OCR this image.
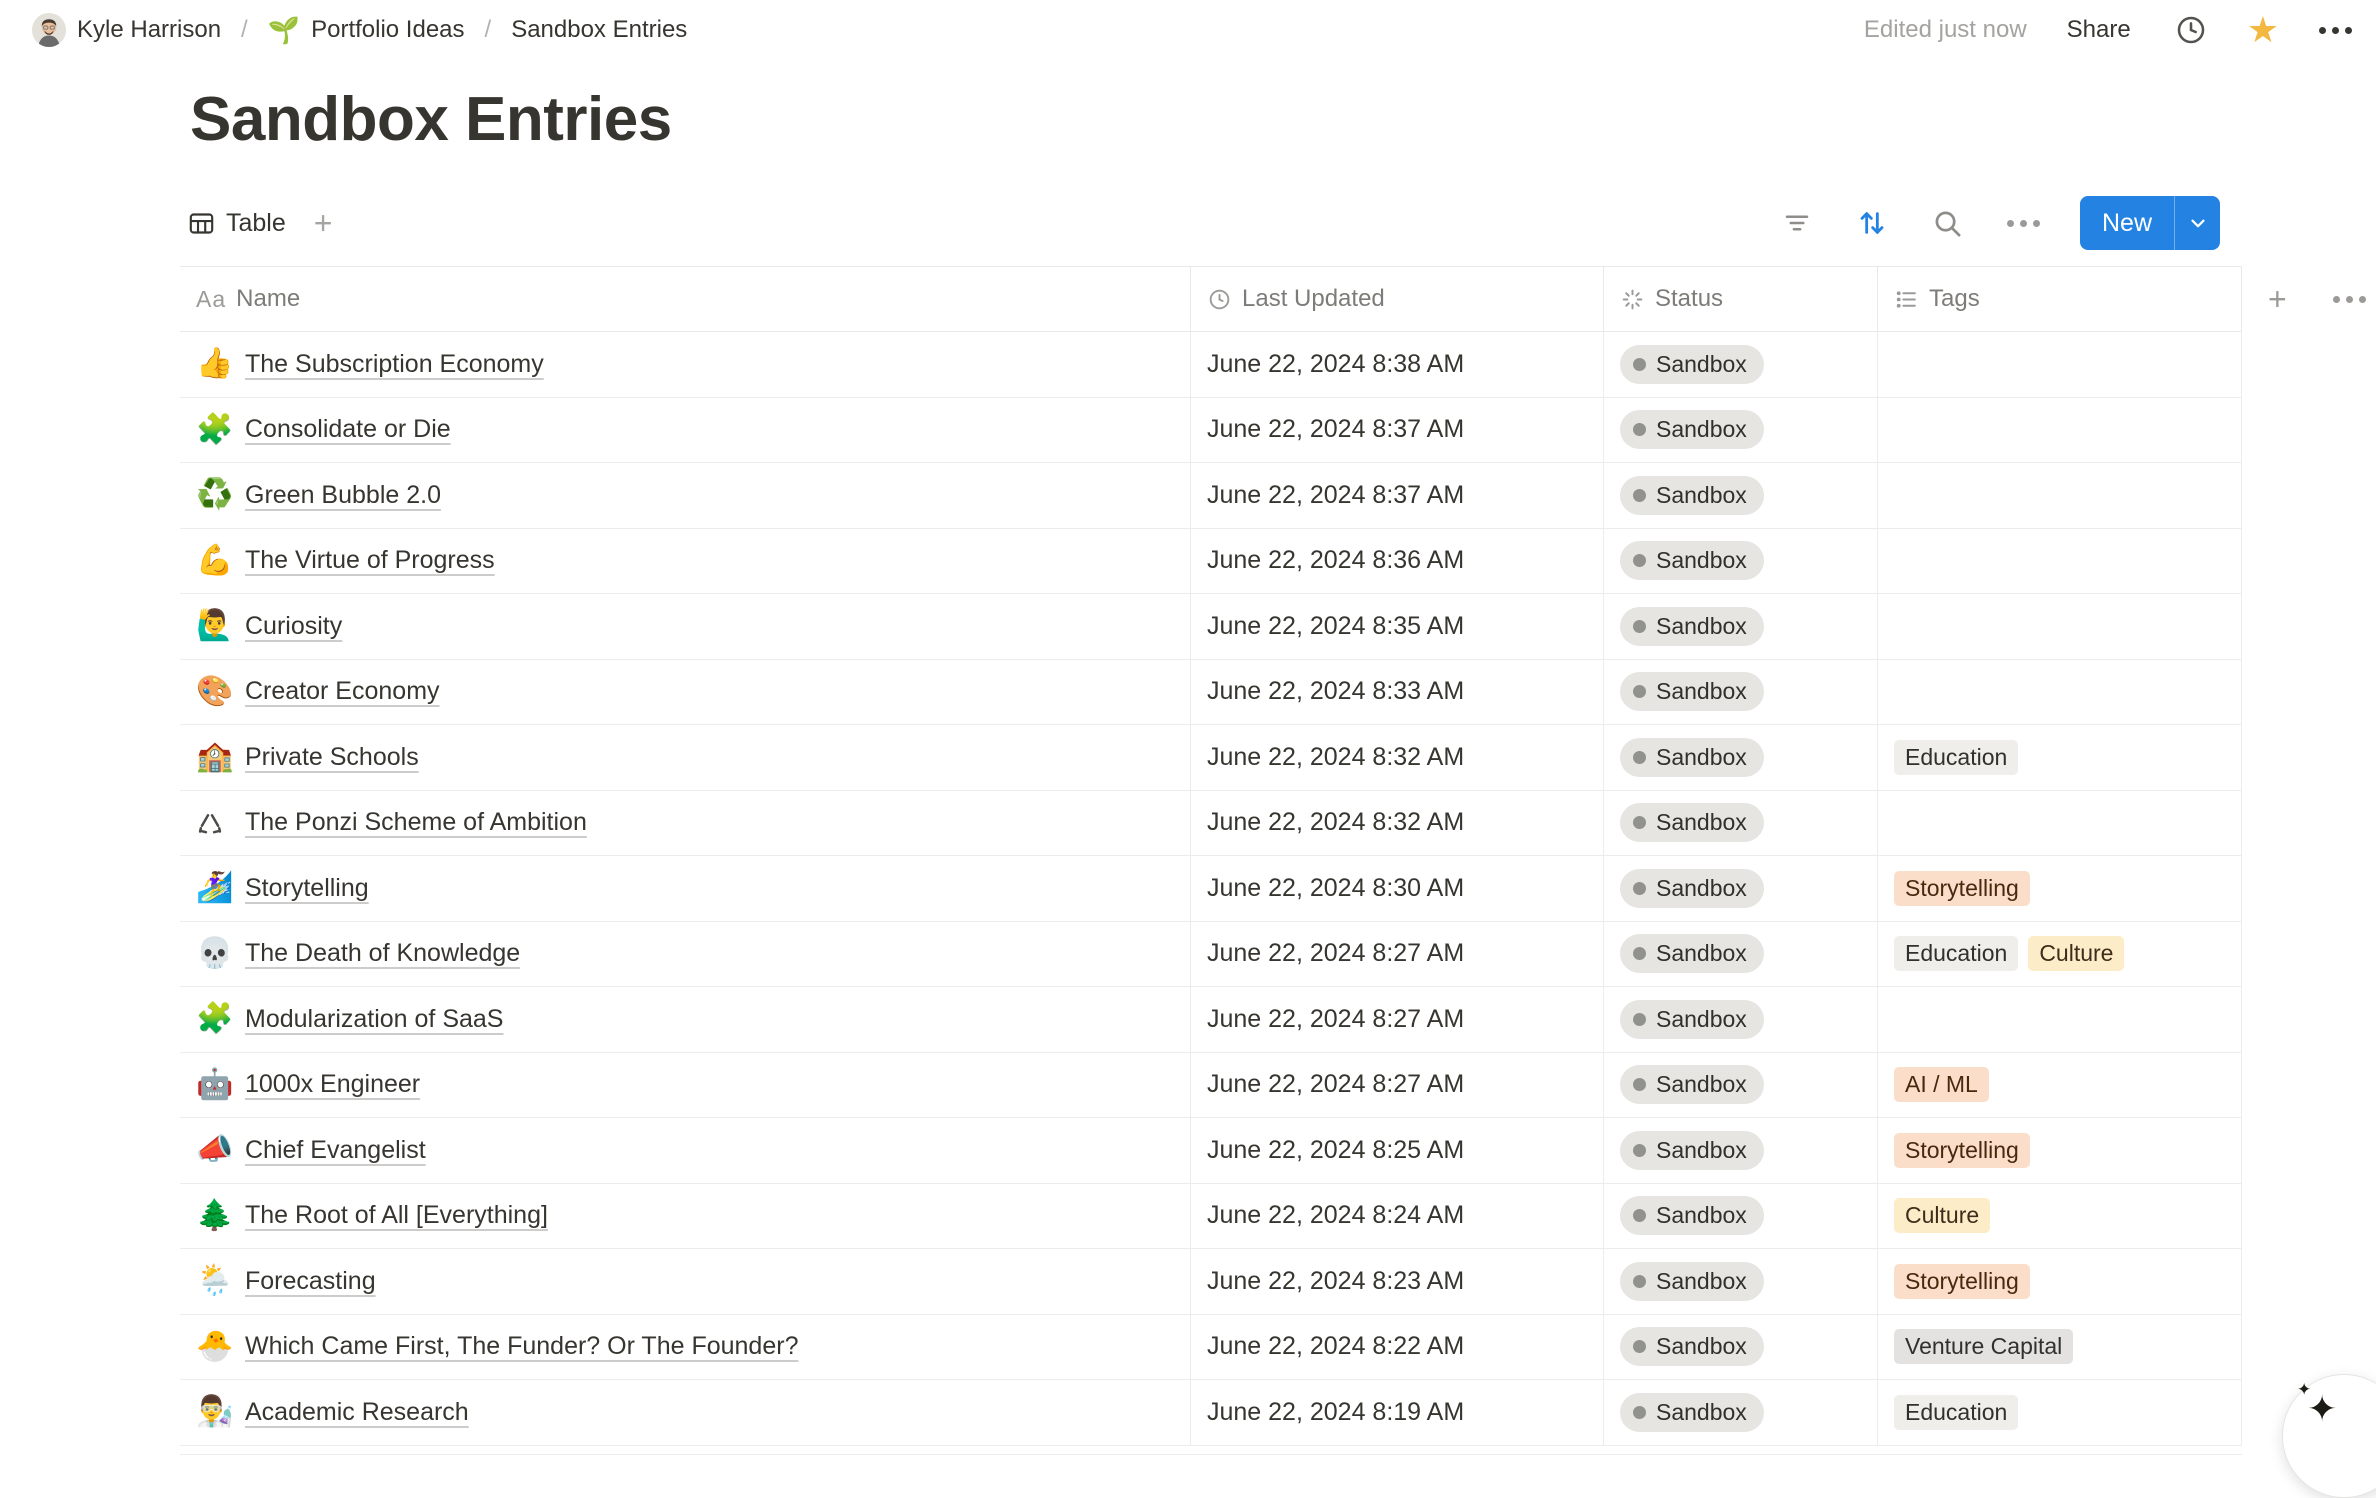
Kyle Harrison / 🌱 Portfolio Ideas / Sandbox Entries	Edited just now	Share	★
Sandbox Entries
Table +	New
Aa Name	Last Updated	Status	Tags	+
👍 The Subscription Economy	June 22, 2024 8:38 AM	Sandbox
🧩 Consolidate or Die	June 22, 2024 8:37 AM	Sandbox
♻️ Green Bubble 2.0	June 22, 2024 8:37 AM	Sandbox
💪 The Virtue of Progress	June 22, 2024 8:36 AM	Sandbox
🙋‍♂️ Curiosity	June 22, 2024 8:35 AM	Sandbox
🎨 Creator Economy	June 22, 2024 8:33 AM	Sandbox
🏫 Private Schools	June 22, 2024 8:32 AM	Sandbox	Education
The Ponzi Scheme of Ambition	June 22, 2024 8:32 AM	Sandbox
🏄‍♀️ Storytelling	June 22, 2024 8:30 AM	Sandbox	Storytelling
💀 The Death of Knowledge	June 22, 2024 8:27 AM	Sandbox	Education	Culture
🧩 Modularization of SaaS	June 22, 2024 8:27 AM	Sandbox
🤖 1000x Engineer	June 22, 2024 8:27 AM	Sandbox	AI / ML
📣 Chief Evangelist	June 22, 2024 8:25 AM	Sandbox	Storytelling
🌲 The Root of All [Everything]	June 22, 2024 8:24 AM	Sandbox	Culture
🌦️ Forecasting	June 22, 2024 8:23 AM	Sandbox	Storytelling
🐣 Which Came First, The Funder? Or The Founder?	June 22, 2024 8:22 AM	Sandbox	Venture Capital
👨‍🔬 Academic Research	June 22, 2024 8:19 AM	Sandbox	Education	✦
✦
